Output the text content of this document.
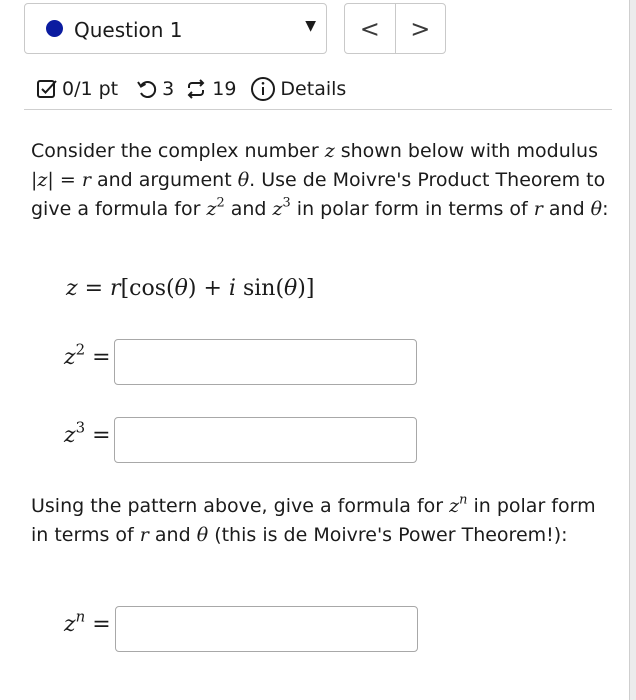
Question 1	▼	<	>
0/1 pt 3 19 Details
Consider the complex number z shown below with modulus |z| = r and argument θ. Use de Moivre's Product Theorem to give a formula for $z^2$ and $z^3$ in polar form in terms of r and θ:
z = r[cos(θ) + i sin(θ)]
$z^2$ =
$z^3$ =
Using the pattern above, give a formula for $z^n$ in polar form in terms of r and θ (this is de Moivre's Power Theorem!):
$z^n$ =
